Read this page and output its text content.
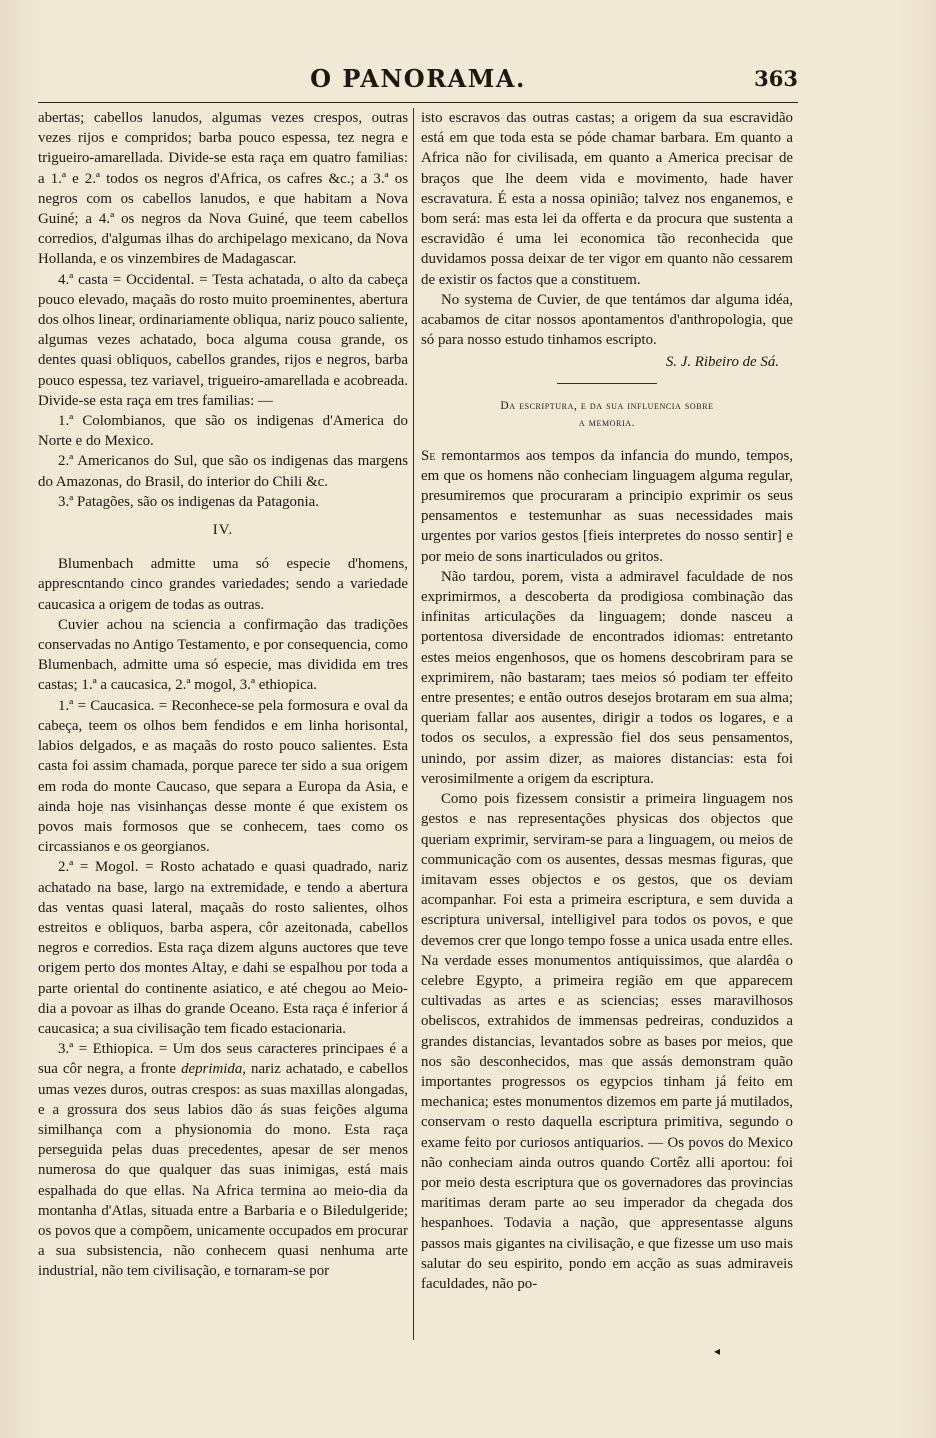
O PANORAMA.	363

abertas; cabellos lanudos, algumas vezes crespos, outras vezes rijos e compridos; barba pouco espessa, tez negra e trigueiro-amarellada. Divide-se esta raça em quatro familias: a 1.ª e 2.ª todos os negros d'Africa, os cafres &c.; a 3.ª os negros com os cabellos lanudos, e que habitam a Nova Guiné; a 4.ª os negros da Nova Guiné, que teem cabellos corredios, d'algumas ilhas do archipelago mexicano, da Nova Hollanda, e os vinzembires de Madagascar.

4.ª casta = Occidental. = Testa achatada, o alto da cabeça pouco elevado, maçaãs do rosto muito proeminentes, abertura dos olhos linear, ordinariamente obliqua, nariz pouco saliente, algumas vezes achatado, boca alguma cousa grande, os dentes quasi obliquos, cabellos grandes, rijos e negros, barba pouco espessa, tez variavel, trigueiro-amarellada e acobreada. Divide-se esta raça em tres familias: —

1.ª Colombianos, que são os indigenas d'America do Norte e do Mexico.

2.ª Americanos do Sul, que são os indigenas das margens do Amazonas, do Brasil, do interior do Chili &c.

3.ª Patagões, são os indigenas da Patagonia.

IV.

Blumenbach admitte uma só especie d'homens, apprescntando cinco grandes variedades; sendo a variedade caucasica a origem de todas as outras.

Cuvier achou na sciencia a confirmação das tradições conservadas no Antigo Testamento, e por consequencia, como Blumenbach, admitte uma só especie, mas dividida em tres castas; 1.ª a caucasica, 2.ª mogol, 3.ª ethiopica.

1.ª = Caucasica. = Reconhece-se pela formosura e oval da cabeça, teem os olhos bem fendidos e em linha horisontal, labios delgados, e as maçaãs do rosto pouco salientes. Esta casta foi assim chamada, porque parece ter sido a sua origem em roda do monte Caucaso, que separa a Europa da Asia, e ainda hoje nas visinhanças desse monte é que existem os povos mais formosos que se conhecem, taes como os circassianos e os georgianos.

2.ª = Mogol. = Rosto achatado e quasi quadrado, nariz achatado na base, largo na extremidade, e tendo a abertura das ventas quasi lateral, maçaãs do rosto salientes, olhos estreitos e obliquos, barba aspera, côr azeitonada, cabellos negros e corredios. Esta raça dizem alguns auctores que teve origem perto dos montes Altay, e dahi se espalhou por toda a parte oriental do continente asiatico, e até chegou ao Meio-dia a povoar as ilhas do grande Oceano. Esta raça é inferior á caucasica; a sua civilisação tem ficado estacionaria.

3.ª = Ethiopica. = Um dos seus caracteres principaes é a sua côr negra, a fronte deprimida, nariz achatado, e cabellos umas vezes duros, outras crespos: as suas maxillas alongadas, e a grossura dos seus labios dão ás suas feições alguma similhança com a physionomia do mono. Esta raça perseguida pelas duas precedentes, apesar de ser menos numerosa do que qualquer das suas inimigas, está mais espalhada do que ellas. Na Africa termina ao meio-dia da montanha d'Atlas, situada entre a Barbaria e o Biledulgeride; os povos que a compõem, unicamente occupados em procurar a sua subsistencia, não conhecem quasi nenhuma arte industrial, não tem civilisação, e tornaram-se por

isto escravos das outras castas; a origem da sua escravidão está em que toda esta se póde chamar barbara. Em quanto a Africa não for civilisada, em quanto a America precisar de braços que lhe deem vida e movimento, hade haver escravatura. É esta a nossa opinião; talvez nos enganemos, e bom será: mas esta lei da offerta e da procura que sustenta a escravidão é uma lei economica tão reconhecida que duvidamos possa deixar de ter vigor em quanto não cessarem de existir os factos que a constituem.

No systema de Cuvier, de que tentámos dar alguma idéa, acabamos de citar nossos apontamentos d'anthropologia, que só para nosso estudo tinhamos escripto.

S. J. Ribeiro de Sá.

Da escriptura, e da sua influencia sobre
a memoria.

Se remontarmos aos tempos da infancia do mundo, tempos, em que os homens não conheciam linguagem alguma regular, presumiremos que procuraram a principio exprimir os seus pensamentos e testemunhar as suas necessidades mais urgentes por varios gestos [fieis interpretes do nosso sentir] e por meio de sons inarticulados ou gritos.

Não tardou, porem, vista a admiravel faculdade de nos exprimirmos, a descoberta da prodigiosa combinação das infinitas articulações da linguagem; donde nasceu a portentosa diversidade de encontrados idiomas: entretanto estes meios engenhosos, que os homens descobriram para se exprimirem, não bastaram; taes meios só podiam ter effeito entre presentes; e então outros desejos brotaram em sua alma; queriam fallar aos ausentes, dirigir a todos os logares, e a todos os seculos, a expressão fiel dos seus pensamentos, unindo, por assim dizer, as maiores distancias: esta foi verosimilmente a origem da escriptura.

Como pois fizessem consistir a primeira linguagem nos gestos e nas representações physicas dos objectos que queriam exprimir, serviram-se para a linguagem, ou meios de communicação com os ausentes, dessas mesmas figuras, que imitavam esses objectos e os gestos, que os deviam acompanhar. Foi esta a primeira escriptura, e sem duvida a escriptura universal, intelligivel para todos os povos, e que devemos crer que longo tempo fosse a unica usada entre elles. Na verdade esses monumentos antiquissimos, que alardêa o celebre Egypto, a primeira região em que apparecem cultivadas as artes e as sciencias; esses maravilhosos obeliscos, extrahidos de immensas pedreiras, conduzidos a grandes distancias, levantados sobre as bases por meios, que nos são desconhecidos, mas que assás demonstram quão importantes progressos os egypcios tinham já feito em mechanica; estes monumentos dizemos em parte já mutilados, conservam o resto daquella escriptura primitiva, segundo o exame feito por curiosos antiquarios. — Os povos do Mexico não conheciam ainda outros quando Cortêz alli aportou: foi por meio desta escriptura que os governadores das provincias maritimas deram parte ao seu imperador da chegada dos hespanhoes. Todavia a nação, que appresentasse alguns passos mais gigantes na civilisação, e que fizesse um uso mais salutar do seu espirito, pondo em acção as suas admiraveis faculdades, não po-

◂
